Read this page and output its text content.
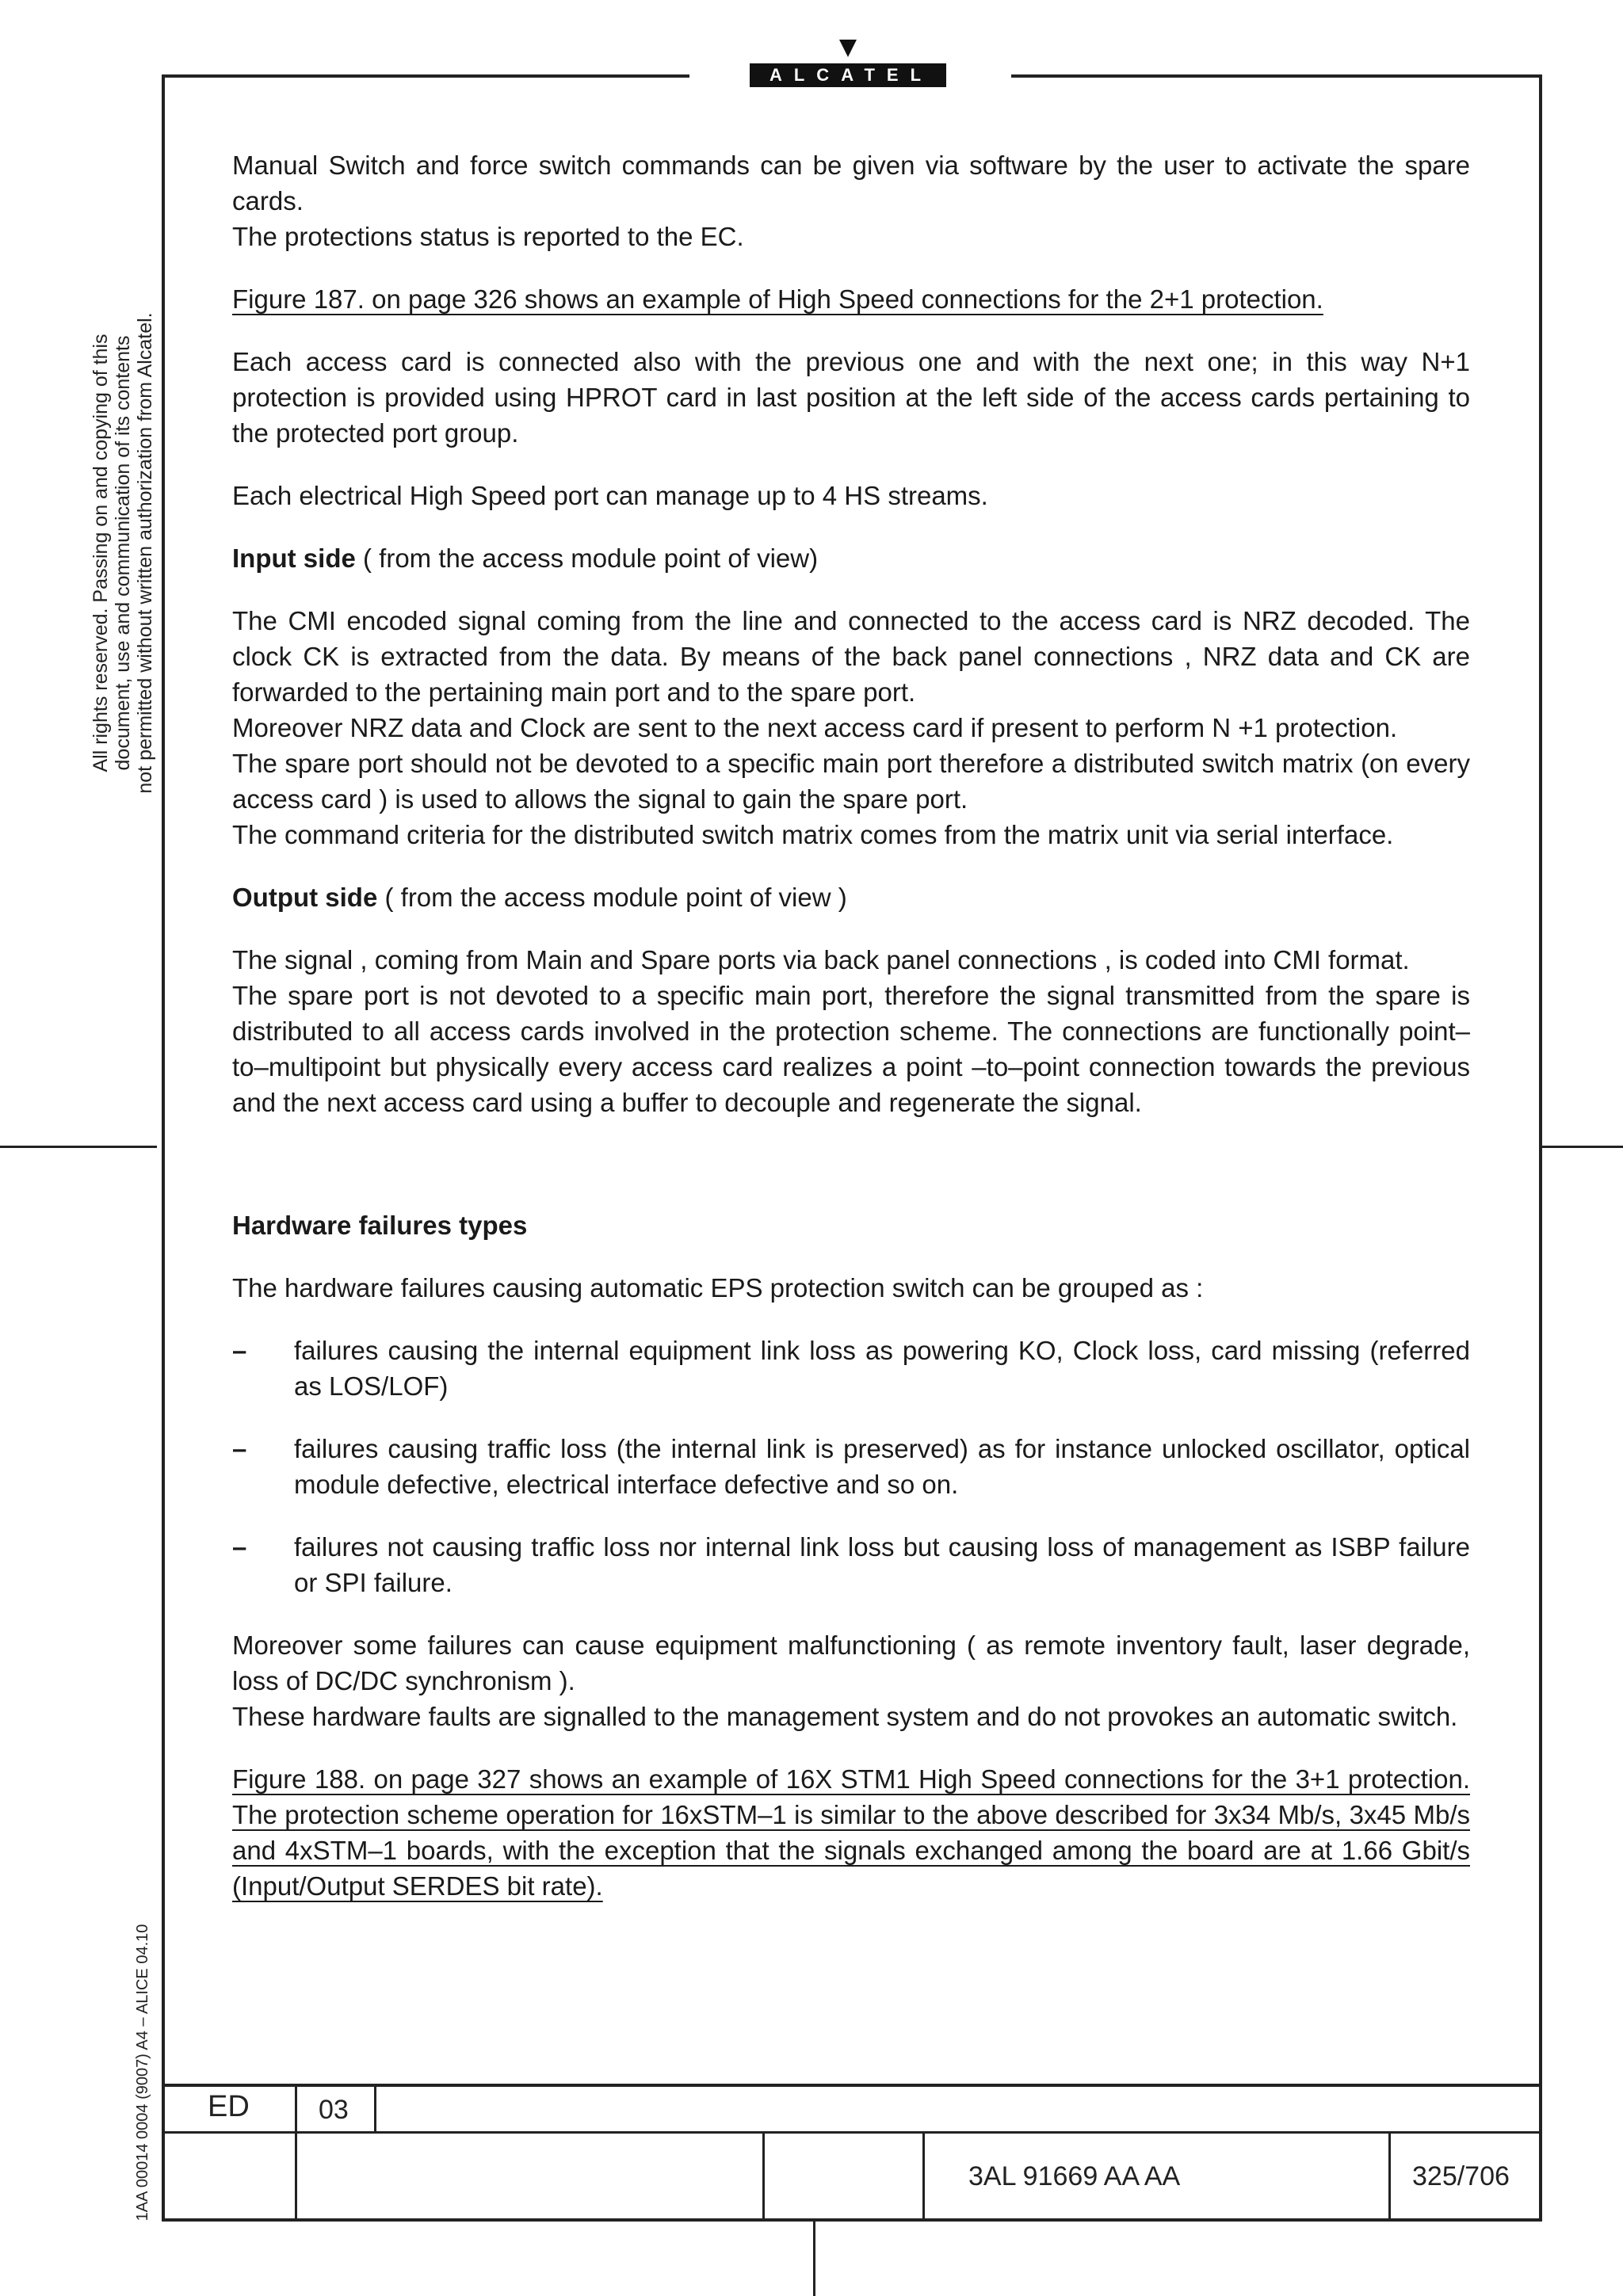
ALCATEL
All rights reserved. Passing on and copying of this document, use and communication of its contents not permitted without written authorization from Alcatel.
1AA 00014 0004 (9007) A4 – ALICE 04.10

Manual Switch and force switch commands can be given via software by the user to activate the spare cards.
The protections status is reported to the EC.

Figure 187. on page 326 shows an example of High Speed connections for the 2+1 protection.

Each access card is connected also with the previous one and with the next one; in this way N+1 protection is provided using HPROT card in last position at the left side of the access cards pertaining to the protected port group.

Each electrical High Speed port can manage up to 4 HS streams.

Input side ( from the access module point of view)

The CMI encoded signal coming from the line and connected to the access card is NRZ decoded. The clock CK is extracted from the data. By means of the back panel connections , NRZ data and CK are forwarded to the pertaining main port and to the spare port.
Moreover NRZ data and Clock are sent to the next access card if present to perform N +1 protection.
The spare port should not be devoted to a specific main port therefore a distributed switch matrix (on every access card ) is used to allows the signal to gain the spare port.
The command criteria for the distributed switch matrix comes from the matrix unit via serial interface.

Output side ( from the access module point of view )

The signal , coming from Main and Spare ports via back panel connections , is coded into CMI format.
The spare port is not devoted to a specific main port, therefore the signal transmitted from the spare is distributed to all access cards involved in the protection scheme. The connections are functionally point–to–multipoint but physically every access card realizes a point –to–point connection towards the previous and the next access card using a buffer to decouple and regenerate the signal.

Hardware failures types

The hardware failures causing automatic EPS protection switch can be grouped as :

–	failures causing the internal equipment link loss as powering KO, Clock loss, card missing (referred as LOS/LOF)
–	failures causing traffic loss (the internal link is preserved) as for instance unlocked oscillator, optical module defective, electrical interface defective and so on.
–	failures not causing traffic loss nor internal link loss but causing loss of management as ISBP failure or SPI failure.

Moreover some failures can cause equipment malfunctioning ( as remote inventory fault, laser degrade, loss of DC/DC synchronism ).
These hardware faults are signalled to the management system and do not provokes an automatic switch.

Figure 188. on page 327 shows an example of 16X STM1 High Speed connections for the 3+1 protection. The protection scheme operation for 16xSTM–1 is similar to the above described for 3x34 Mb/s, 3x45 Mb/s and 4xSTM–1 boards, with the exception that the signals exchanged among the board are at 1.66 Gbit/s (Input/Output SERDES bit rate).

ED	03
3AL 91669 AA AA	325/706
